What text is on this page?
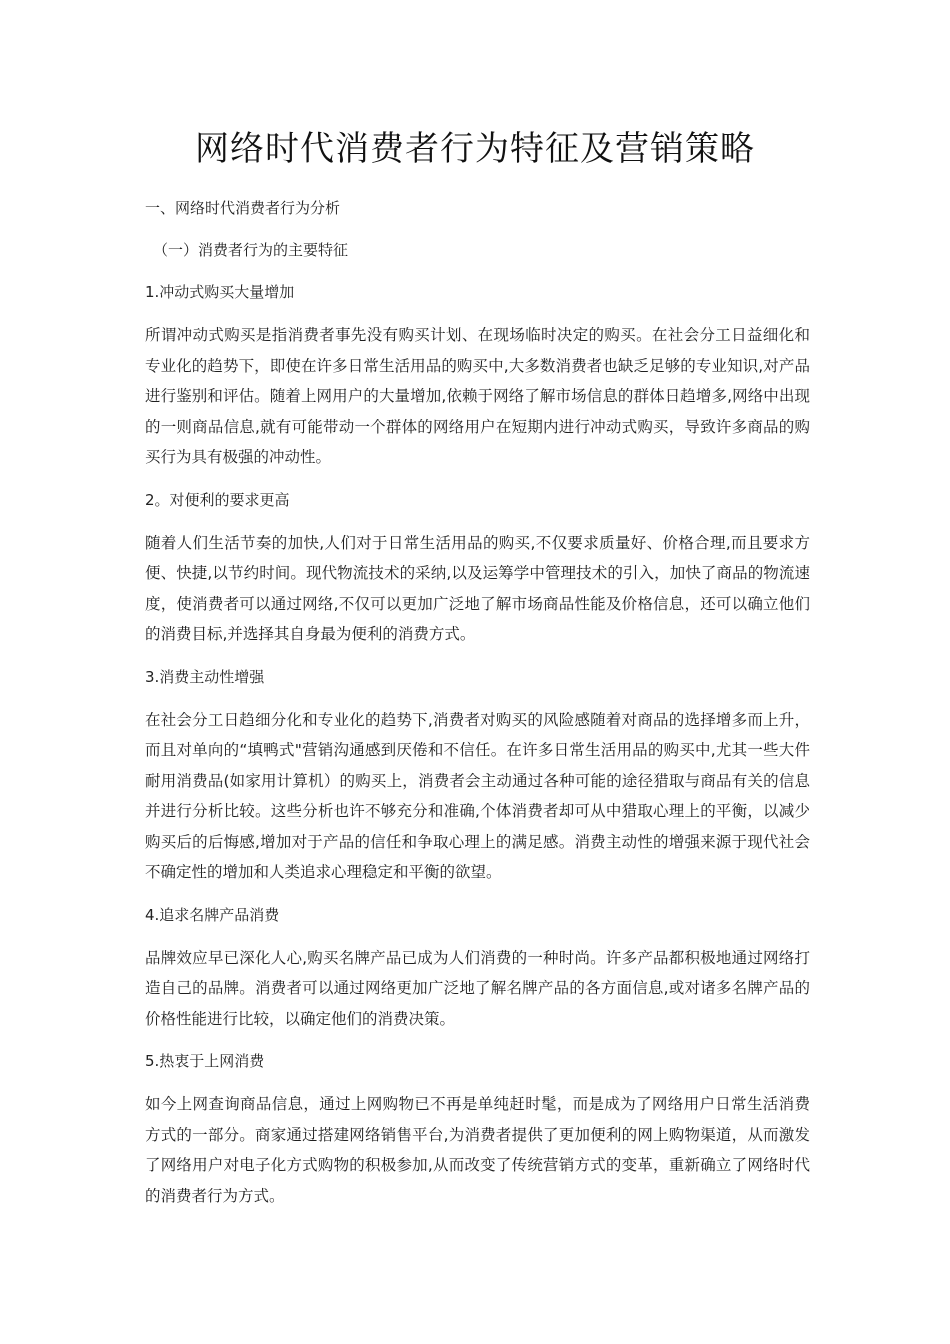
网络时代消费者行为特征及营销策略
一、网络时代消费者行为分析
（一）消费者行为的主要特征
1.冲动式购买大量增加
所谓冲动式购买是指消费者事先没有购买计划、在现场临时决定的购买。在社会分工日益细化和专业化的趋势下，即使在许多日常生活用品的购买中,大多数消费者也缺乏足够的专业知识,对产品进行鉴别和评估。随着上网用户的大量增加,依赖于网络了解市场信息的群体日趋增多,网络中出现的一则商品信息,就有可能带动一个群体的网络用户在短期内进行冲动式购买，导致许多商品的购买行为具有极强的冲动性。
2。对便利的要求更高
随着人们生活节奏的加快,人们对于日常生活用品的购买,不仅要求质量好、价格合理,而且要求方便、快捷,以节约时间。现代物流技术的采纳,以及运筹学中管理技术的引入，加快了商品的物流速度，使消费者可以通过网络,不仅可以更加广泛地了解市场商品性能及价格信息，还可以确立他们的消费目标,并选择其自身最为便利的消费方式。
3.消费主动性增强
在社会分工日趋细分化和专业化的趋势下,消费者对购买的风险感随着对商品的选择增多而上升，而且对单向的“填鸭式"营销沟通感到厌倦和不信任。在许多日常生活用品的购买中,尤其一些大件耐用消费品(如家用计算机）的购买上，消费者会主动通过各种可能的途径猎取与商品有关的信息并进行分析比较。这些分析也许不够充分和准确,个体消费者却可从中猎取心理上的平衡，以减少购买后的后悔感,增加对于产品的信任和争取心理上的满足感。消费主动性的增强来源于现代社会不确定性的增加和人类追求心理稳定和平衡的欲望。
4.追求名牌产品消费
品牌效应早已深化人心,购买名牌产品已成为人们消费的一种时尚。许多产品都积极地通过网络打造自己的品牌。消费者可以通过网络更加广泛地了解名牌产品的各方面信息,或对诸多名牌产品的价格性能进行比较，以确定他们的消费决策。
5.热衷于上网消费
如今上网查询商品信息，通过上网购物已不再是单纯赶时髦，而是成为了网络用户日常生活消费方式的一部分。商家通过搭建网络销售平台,为消费者提供了更加便利的网上购物渠道，从而激发了网络用户对电子化方式购物的积极参加,从而改变了传统营销方式的变革，重新确立了网络时代的消费者行为方式。
